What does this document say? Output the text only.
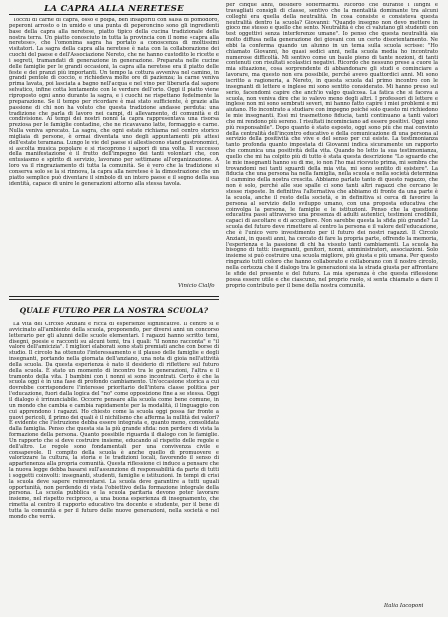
LA CAPRA ALLA NERETESE

Tocchi di carne di capra, osso e polpa, ben insaporiti con salsa di pomodoro, peperoni arrosto o in umido e una punta di peperoncino sono gli ingredienti base della capra alla neretese, piatto tipico della cucina tradizionale della nostra terra. Un piatto conosciuto in tutta la provincia con il nome «capra alla neretese», che l'omonima sagra ha portato a conoscenza di moltissimi visitatori. La sagra della capra alla neretese è nata con la collaborazione dei cuochi del paese e dell'Associazione Nereto, che ne hanno custodito le ricette e i segreti, tramandati di generazione in generazione. Preparata nelle cucine delle famiglie per le grandi occasioni, la capra alla neretese era il piatto delle feste e dei pranzi più importanti. Un tempo la cottura avveniva nel camino, in grandi pentole di coccio, e richiedeva molte ore di pazienza; la carne veniva prima lavata, poi lasciata a bagno nell'acqua e nel vino per liberarla dal sapore selvatico, infine cotta lentamente con le verdure dell'orto. Oggi il piatto viene riproposto ogni anno durante la sagra, e i cuochi ne rispettano fedelmente la preparazione. Se il tempo per ricordare è mai stato sufficiente, è grazie alla passione di chi non ha voluto che questa tradizione andasse perduta: una tradizione che parla di lavoro nei campi, di allevamento, di comunità e di condivisione. Ai tempi dei nostri nonni la capra rappresentava una risorsa preziosa per le famiglie contadine, che ne ricavavano latte, formaggio e carne. Nulla veniva sprecato. La sagra, che ogni estate richiama nel centro storico migliaia di persone, è ormai diventata uno degli appuntamenti più attesi dell'estate teramana. Lungo le vie del paese si allestiscono stand gastronomici, si ascolta musica popolare e si riscoprono i sapori di una volta. Il successo della manifestazione è il frutto dell'impegno dei tanti volontari che, con entusiasmo e spirito di servizio, lavorano per settimane all'organizzazione. A loro va il ringraziamento di tutta la comunità. Se è vero che la tradizione si conserva solo se la si rinnova, la capra alla neretese è la dimostrazione che un piatto semplice può diventare il simbolo di un intero paese e il segno della sua identità, capace di unire le generazioni attorno alla stessa tavola.

Vinicio Cialfo
QUALE FUTURO PER LA NOSTRA SCUOLA?

La vita del Circolo Anziani è ricca di esperienze significative. Il centro si è avvicinato all'ambiente della scuola, proponendo, per diversi anni un concorso letterario per gli alunni delle scuole elementari. I ragazzi hanno scritto temi, disegni, poesie e racconti su alcuni temi, tra i quali: "il nonno racconta" e "il valore dell'amicizia". I migliori elaborati sono stati premiati anche con borse di studio. Il circolo ha ottenuto l'interessamento e il plauso delle famiglie e degli insegnanti, portando nella giornata dell'anziano, una nota di gioia nell'attività della scuola. Da questa esperienza è nato il desiderio di riflettere sul futuro della scuola. È stato un momento di incontro tra le generazioni, l'altra e il tramonto della vita. I bambini con i nonni si sono incontrati. Certo è che la scuola oggi è in una fase di profondo cambiamento. Un'occasione storica a cui dovrebbe corrispondere l'interesse prioritario dell'intera classe politica per l'educazione, fuori dalla logica del "no" come opposizione fine a se stessa. Oggi il dialogo è irrinunciabile. Occorre pensare alla scuola come bene comune, in un mondo che cambia e cambia rapidamente per la modalità, il linguaggio con cui apprendono i ragazzi. Ho chiesto come la scuola oggi possa far fronte a nuovi pericoli, il primo dei quali è il nichilismo che afferma la nullità dei valori? È evidente che l'istruzione debba essere integrata e, quanto meno, consolidata dalla famiglia. Penso che questa sia la più grande sfida: non perdere di vista la formazione della persona. Quanto possibile riguarda il dialogo con le famiglie. Un rapporto che si deve costruire insieme, educando al rispetto delle regole e dell'altro. Le regole sono fondamentali per una convivenza civile e consapevole. Il compito della scuola è anche quello di promuovere e valorizzare la cultura, la storia e le tradizioni locali, favorendo il senso di appartenenza alla propria comunità. Questa riflessione ci induce a pensare che la nuova legge debba basarsi sull'assunzione di responsabilità da parte di tutti i soggetti coinvolti: insegnanti, studenti, famiglie e istituzioni. In tempi di crisi la scuola deve sapere reinventarsi. La scuola deve garantire a tutti uguali opportunità, non perdendo di vista l'obiettivo della formazione integrale della persona. La scuola pubblica e la scuola paritaria devono poter lavorare insieme, nel rispetto reciproco, a una buona esperienza di insegnamento, che rimetta al centro il rapporto educativo tra docente e studente, per il bene di tutta la comunità e per il futuro delle nuove generazioni, nella società e nel mondo che verrà.

per cinque anni, desidero soffermarmi. Ricordo che durante i lunghi e travagliati consigli di classe, sentivo che la mentalità dominante tra alcuni colleghi era quella della neutralità. In cosa consiste e consisteva questa neutralità dentro la scuola? Giovanni: "Quando insegno non devo mettere in gioco me stesso e quello che sento. Neutralità è che ci valutano gli studenti con test oggettivi senza interferenze umane". Io penso che questa neutralità sia molto diffusa nella generazione dei giovani con un certo disorientamento. Ne ebbi la conferma quando un alunno in un tema sulla scuola scrisse: "Ho chiamato Giovanni, ho quasi sedici anni, nella scuola media ho incontrato numerose difficoltà. Mi sentivo come un baule pieno di tante nozioni, di tanti contenuti con risultati scolastici negativi. Ricordo che nessuno prese a cuore la mia situazione, cosa sorprendente di abbandonare gli studi e cominciare a lavorare, ma questo non era possibile, perché avevo quattordici anni. Mi sono iscritto a ragioneria, a Nereto, in questa scuola dal primo incontro con le insegnanti di lettere e inglese mi sono sentito considerato. Mi hanno preso sul serio, facendomi capire che anch'io valgo qualcosa. La fatica che si faceva a scuola, non veniva dire che io valevo meno degli altri. I professori di lettere e inglese non mi sono sembrati severi, mi hanno fatto capire i miei problemi e mi aiutano. Ho incontrato a studiare con impegno poiché solo questo mi richiedono le mie insegnanti. Essi mi trasmettono fiducia, tanti continuano a tanti valori che mi rendono più sereno. I risultati incominciano ad essere positivi. Oggi sono più responsabile". Dopo quanto è stato esposto, oggi sono più che mai convinto della centralità dell'incontro educativo e della comunicazione di una persona al servizio della positività che vive e del senso per cui esiste. La testimonianza tanto profonda quanto impostata di Giovanni indica sicuramente un rapporto che comunica una positività della vita. Quando ho letto la sua testimonianza, quello che mi ha colpito più di tutto è stata questa descrizione "Lo sguardo che le mie insegnanti hanno su di me, io non l'ho mai ricevuto prima, mi sembra che trovandomi nei tanti sguardi della mia vita, mi sono sentito di esistere". La fiducia che una persona ha nella famiglia, nella scuola e nella società determina il cammino della nostra crescita. Abbiamo parlato tanto di questo ragazzo, che non è solo, perché alle sue spalle ci sono tanti altri ragazzi che cercano le stesse risposte. In definitiva l'alternativa che abbiamo di fronte da una parte è la scuola, anche il resto della società, e in definitiva si cerca di favorire la persona al servizio dello sviluppo umano, con una proposta educativa che coinvolga la persona, le famiglie e le istituzioni. Penso che la questione educativa passi attraverso una presenza di adulti autentici, testimoni credibili, capaci di ascoltare e di accogliere. Non sarebbe questa la sfida più grande? La scuola del futuro deve rimettere al centro la persona e il valore dell'educazione, che è l'unico vero investimento per il futuro dei nostri ragazzi. Il Circolo Anziani, in questi anni, ha cercato di fare la propria parte, offrendo la memoria, l'esperienza e la passione di chi ha vissuto tanti cambiamenti. La scuola ha bisogno di tutti: insegnanti, genitori, nonni, amministratori, associazioni. Solo insieme si può costruire una scuola migliore, più giusta e più umana. Per questo ringrazio tutti coloro che hanno collaborato e collaborano con il nostro circolo, nella certezza che il dialogo tra le generazioni sia la strada giusta per affrontare le sfide del presente e del futuro. La mia speranza è che questa riflessione possa essere utile e che ciascuno, nel proprio ruolo, si senta chiamato a dare il proprio contributo per il bene della nostra comunità.

Italia Iacoponi
